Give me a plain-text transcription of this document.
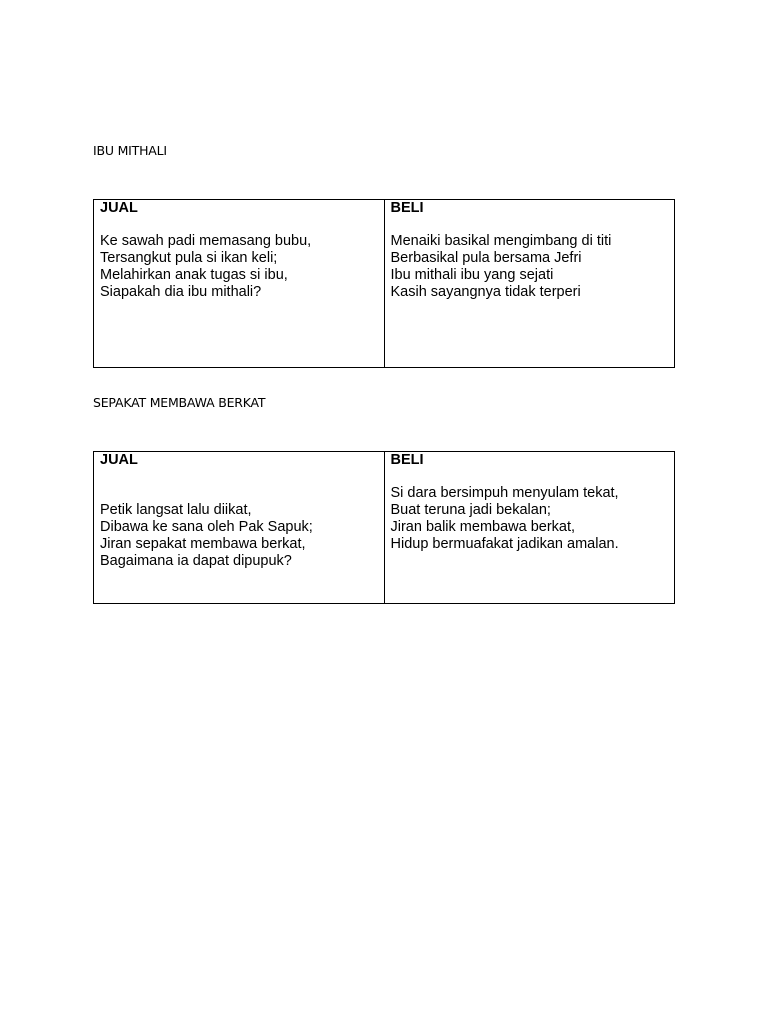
IBU MITHALI

JUAL

Ke sawah padi memasang bubu,
Tersangkut pula si ikan keli;
Melahirkan anak tugas si ibu,
Siapakah dia ibu mithali?

BELI

Menaiki basikal mengimbang di titi
Berbasikal pula bersama Jefri
Ibu mithali ibu yang sejati
Kasih sayangnya tidak terperi
SEPAKAT MEMBAWA BERKAT

JUAL

Petik langsat lalu diikat,
Dibawa ke sana oleh Pak Sapuk;
Jiran sepakat membawa berkat,
Bagaimana ia dapat dipupuk?

BELI

Si dara bersimpuh menyulam tekat,
Buat teruna jadi bekalan;
Jiran balik membawa berkat,
Hidup bermuafakat jadikan amalan.
